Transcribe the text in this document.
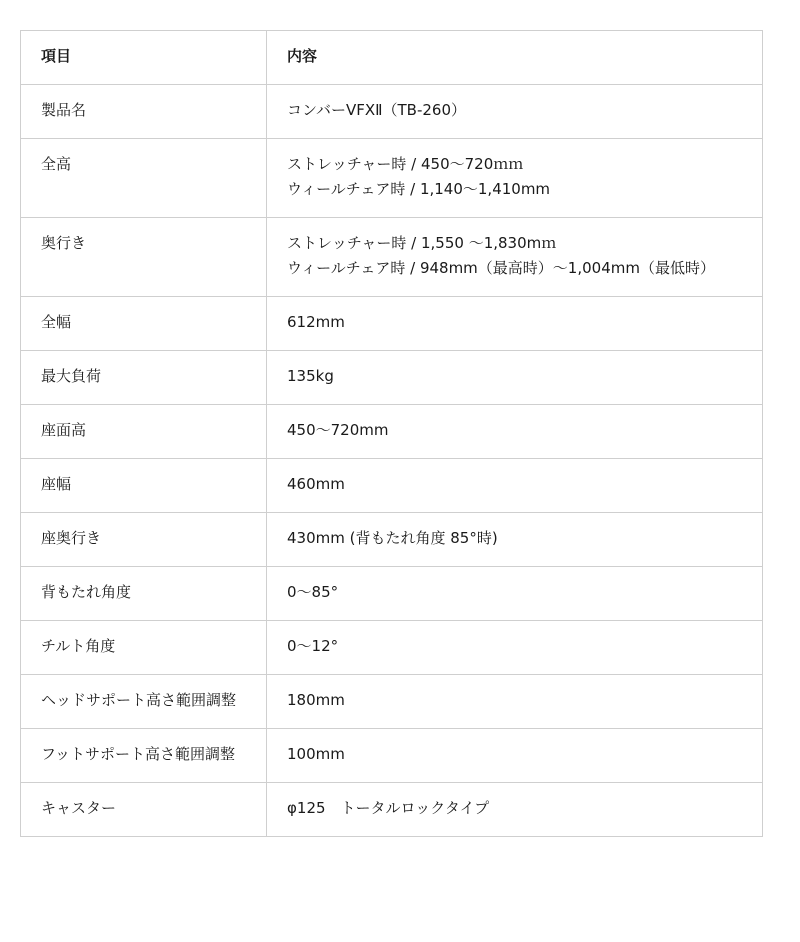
項目	内容

製品名	コンバーVFXⅡ（TB-260）

全高	ストレッチャー時 / 450〜720ｍｍ
ウィールチェア時 / 1,140〜1,410mm

奥行き	ストレッチャー時 / 1,550 〜1,830mｍ
ウィールチェア時 / 948mm（最高時）〜1,004mm（最低時）

全幅	612mm

最大負荷	135kg

座面高	450〜720mm

座幅	460mm

座奥行き	430mm (背もたれ角度 85°時)

背もたれ角度	0〜85°

チルト角度	0〜12°

ヘッドサポート高さ範囲調整	180mm

フットサポート高さ範囲調整	100mm

キャスター	φ125　トータルロックタイプ
